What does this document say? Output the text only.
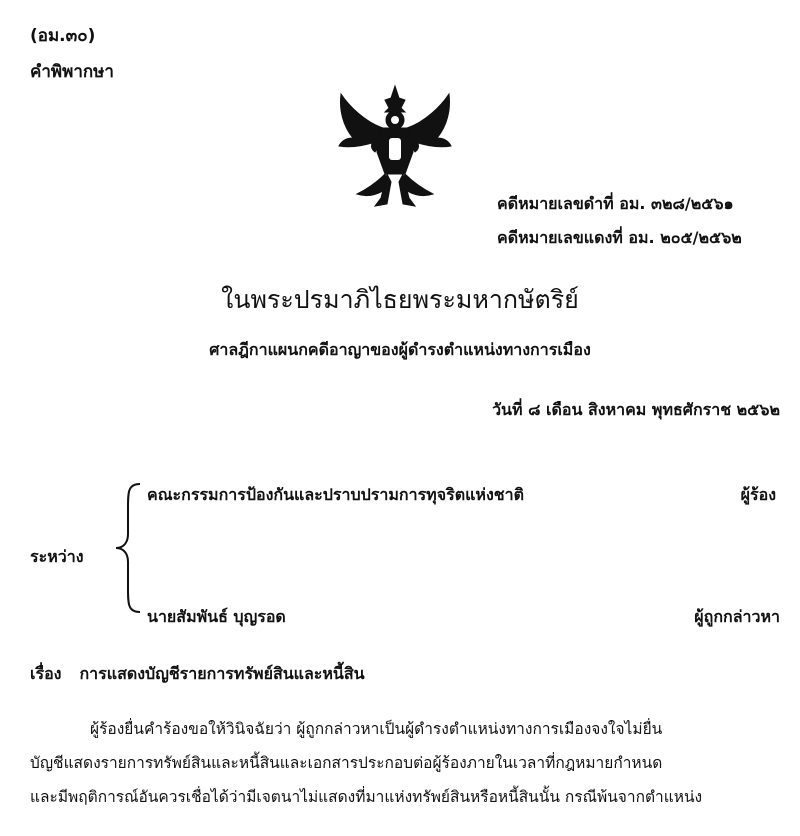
(อม.๓๐)
คำพิพากษา
คดีหมายเลขดำที่ อม. ๓๒๘/๒๕๖๑
คดีหมายเลขแดงที่ อม. ๒๐๕/๒๕๖๒
ในพระปรมาภิไธยพระมหากษัตริย์
ศาลฎีกาแผนกคดีอาญาของผู้ดำรงตำแหน่งทางการเมือง
วันที่ ๘ เดือน สิงหาคม พุทธศักราช ๒๕๖๒
คณะกรรมการป้องกันและปราบปรามการทุจริตแห่งชาติ	ผู้ร้อง
ระหว่าง
นายสัมพันธ์ บุญรอด	ผู้ถูกกล่าวหา
เรื่อง การแสดงบัญชีรายการทรัพย์สินและหนี้สิน
ผู้ร้องยื่นคำร้องขอให้วินิจฉัยว่า ผู้ถูกกล่าวหาเป็นผู้ดำรงตำแหน่งทางการเมืองจงใจไม่ยื่น
บัญชีแสดงรายการทรัพย์สินและหนี้สินและเอกสารประกอบต่อผู้ร้องภายในเวลาที่กฎหมายกำหนด
และมีพฤติการณ์อันควรเชื่อได้ว่ามีเจตนาไม่แสดงที่มาแห่งทรัพย์สินหรือหนี้สินนั้น กรณีพ้นจากตำแหน่ง
